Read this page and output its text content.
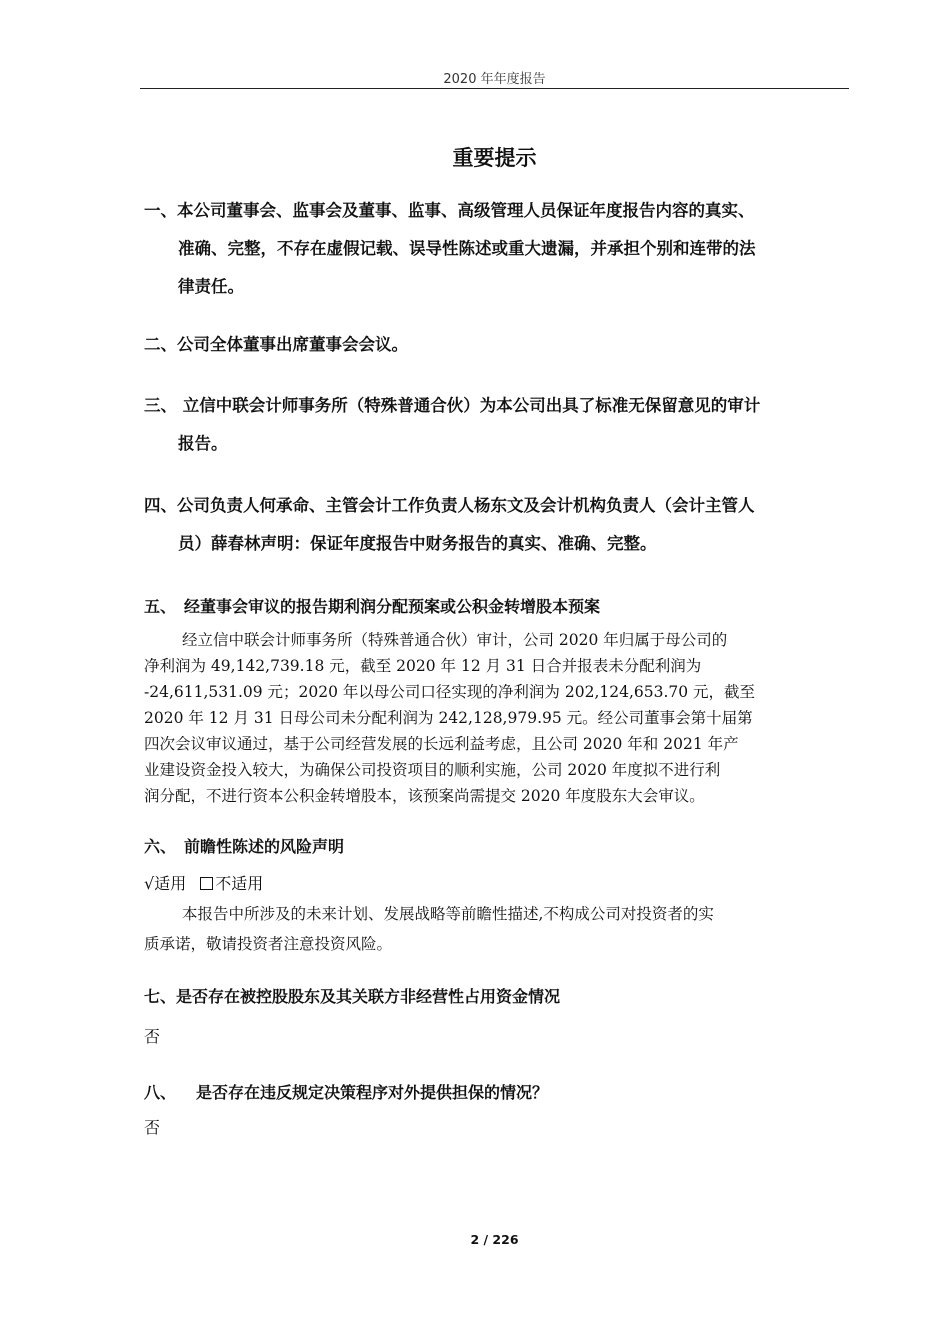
2020 年年度报告
重要提示
一、本公司董事会、监事会及董事、监事、高级管理人员保证年度报告内容的真实、
准确、完整，不存在虚假记载、误导性陈述或重大遗漏，并承担个别和连带的法
律责任。
二、公司全体董事出席董事会会议。
三、 立信中联会计师事务所（特殊普通合伙）为本公司出具了标准无保留意见的审计
报告。
四、公司负责人何承命、主管会计工作负责人杨东文及会计机构负责人（会计主管人
员）薛春林声明：保证年度报告中财务报告的真实、准确、完整。
五、 经董事会审议的报告期利润分配预案或公积金转增股本预案
经立信中联会计师事务所（特殊普通合伙）审计，公司 2020 年归属于母公司的
净利润为 49,142,739.18 元，截至 2020 年 12 月 31 日合并报表未分配利润为
-24,611,531.09 元；2020 年以母公司口径实现的净利润为 202,124,653.70 元，截至
2020 年 12 月 31 日母公司未分配利润为 242,128,979.95 元。经公司董事会第十届第
四次会议审议通过，基于公司经营发展的长远利益考虑，且公司 2020 年和 2021 年产
业建设资金投入较大，为确保公司投资项目的顺利实施，公司 2020 年度拟不进行利
润分配，不进行资本公积金转增股本，该预案尚需提交 2020 年度股东大会审议。
六、 前瞻性陈述的风险声明
√适用 不适用
本报告中所涉及的未来计划、发展战略等前瞻性描述,不构成公司对投资者的实
质承诺，敬请投资者注意投资风险。
七、是否存在被控股股东及其关联方非经营性占用资金情况
否
八、 是否存在违反规定决策程序对外提供担保的情况？
否
2 / 226
